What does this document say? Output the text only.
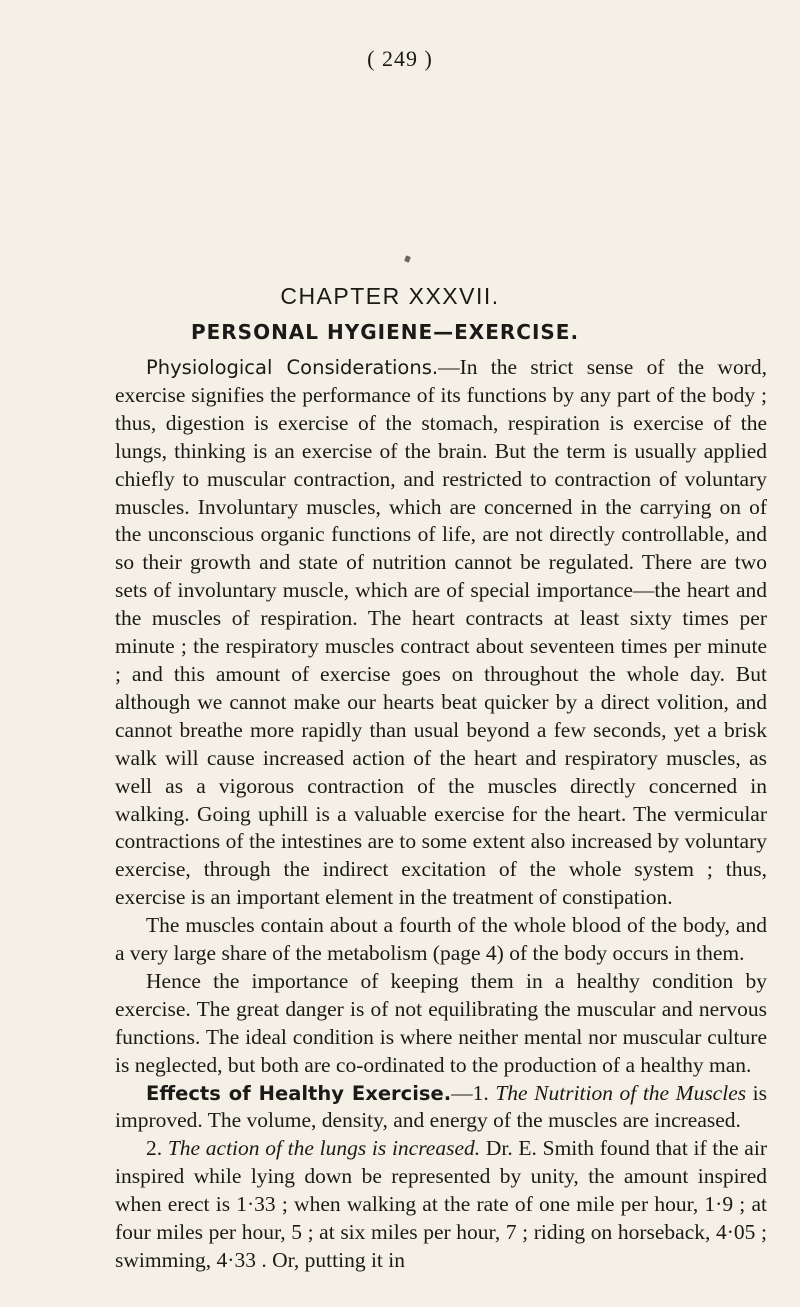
( 249 )
CHAPTER XXXVII.
PERSONAL HYGIENE—EXERCISE.

Physiological Considerations.—In the strict sense of the word, exercise signifies the performance of its functions by any part of the body ; thus, digestion is exercise of the stomach, respiration is exercise of the lungs, thinking is an exercise of the brain. But the term is usually applied chiefly to muscular contraction, and restricted to contraction of voluntary muscles. Involuntary muscles, which are concerned in the carrying on of the unconscious organic functions of life, are not directly controllable, and so their growth and state of nutrition cannot be regulated. There are two sets of involuntary muscle, which are of special importance—the heart and the muscles of respiration. The heart contracts at least sixty times per minute ; the respiratory muscles contract about seventeen times per minute ; and this amount of exercise goes on throughout the whole day. But although we cannot make our hearts beat quicker by a direct volition, and cannot breathe more rapidly than usual beyond a few seconds, yet a brisk walk will cause increased action of the heart and respiratory muscles, as well as a vigorous contraction of the muscles directly concerned in walking. Going uphill is a valuable exercise for the heart. The vermicular contractions of the intestines are to some extent also increased by voluntary exercise, through the indirect excitation of the whole system ; thus, exercise is an important element in the treatment of constipation.

The muscles contain about a fourth of the whole blood of the body, and a very large share of the metabolism (page 4) of the body occurs in them.

Hence the importance of keeping them in a healthy condition by exercise. The great danger is of not equilibrating the muscular and nervous functions. The ideal condition is where neither mental nor muscular culture is neglected, but both are co-ordinated to the production of a healthy man.

Effects of Healthy Exercise.—1. The Nutrition of the Muscles is improved. The volume, density, and energy of the muscles are increased.

2. The action of the lungs is increased. Dr. E. Smith found that if the air inspired while lying down be represented by unity, the amount inspired when erect is 1·33 ; when walking at the rate of one mile per hour, 1·9 ; at four miles per hour, 5 ; at six miles per hour, 7 ; riding on horseback, 4·05 ; swimming, 4·33 . Or, putting it in
